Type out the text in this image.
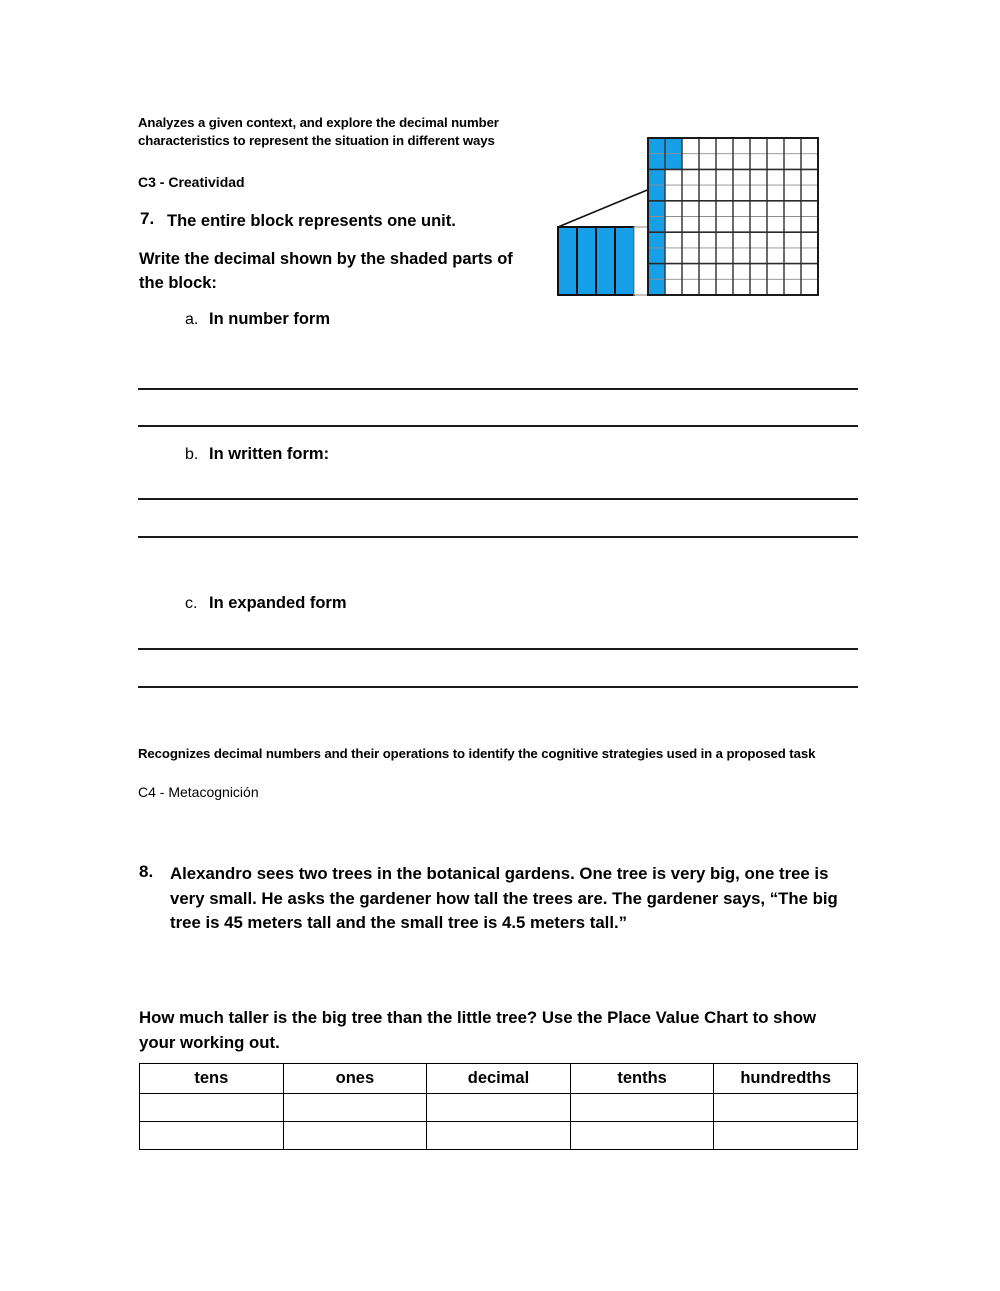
Analyzes a given context, and explore the decimal number characteristics to represent the situation in different ways
C3 - Creatividad
7. The entire block represents one unit.
Write the decimal shown by the shaded parts of the block:
a. In number form
b. In written form:
c. In expanded form
Recognizes decimal numbers and their operations to identify the cognitive strategies used in a proposed task
C4 - Metacognición
8. Alexandro sees two trees in the botanical gardens. One tree is very big, one tree is very small. He asks the gardener how tall the trees are. The gardener says, “The big tree is 45 meters tall and the small tree is 4.5 meters tall.”
How much taller is the big tree than the little tree? Use the Place Value Chart to show your working out.
tens	ones	decimal	tenths	hundredths
